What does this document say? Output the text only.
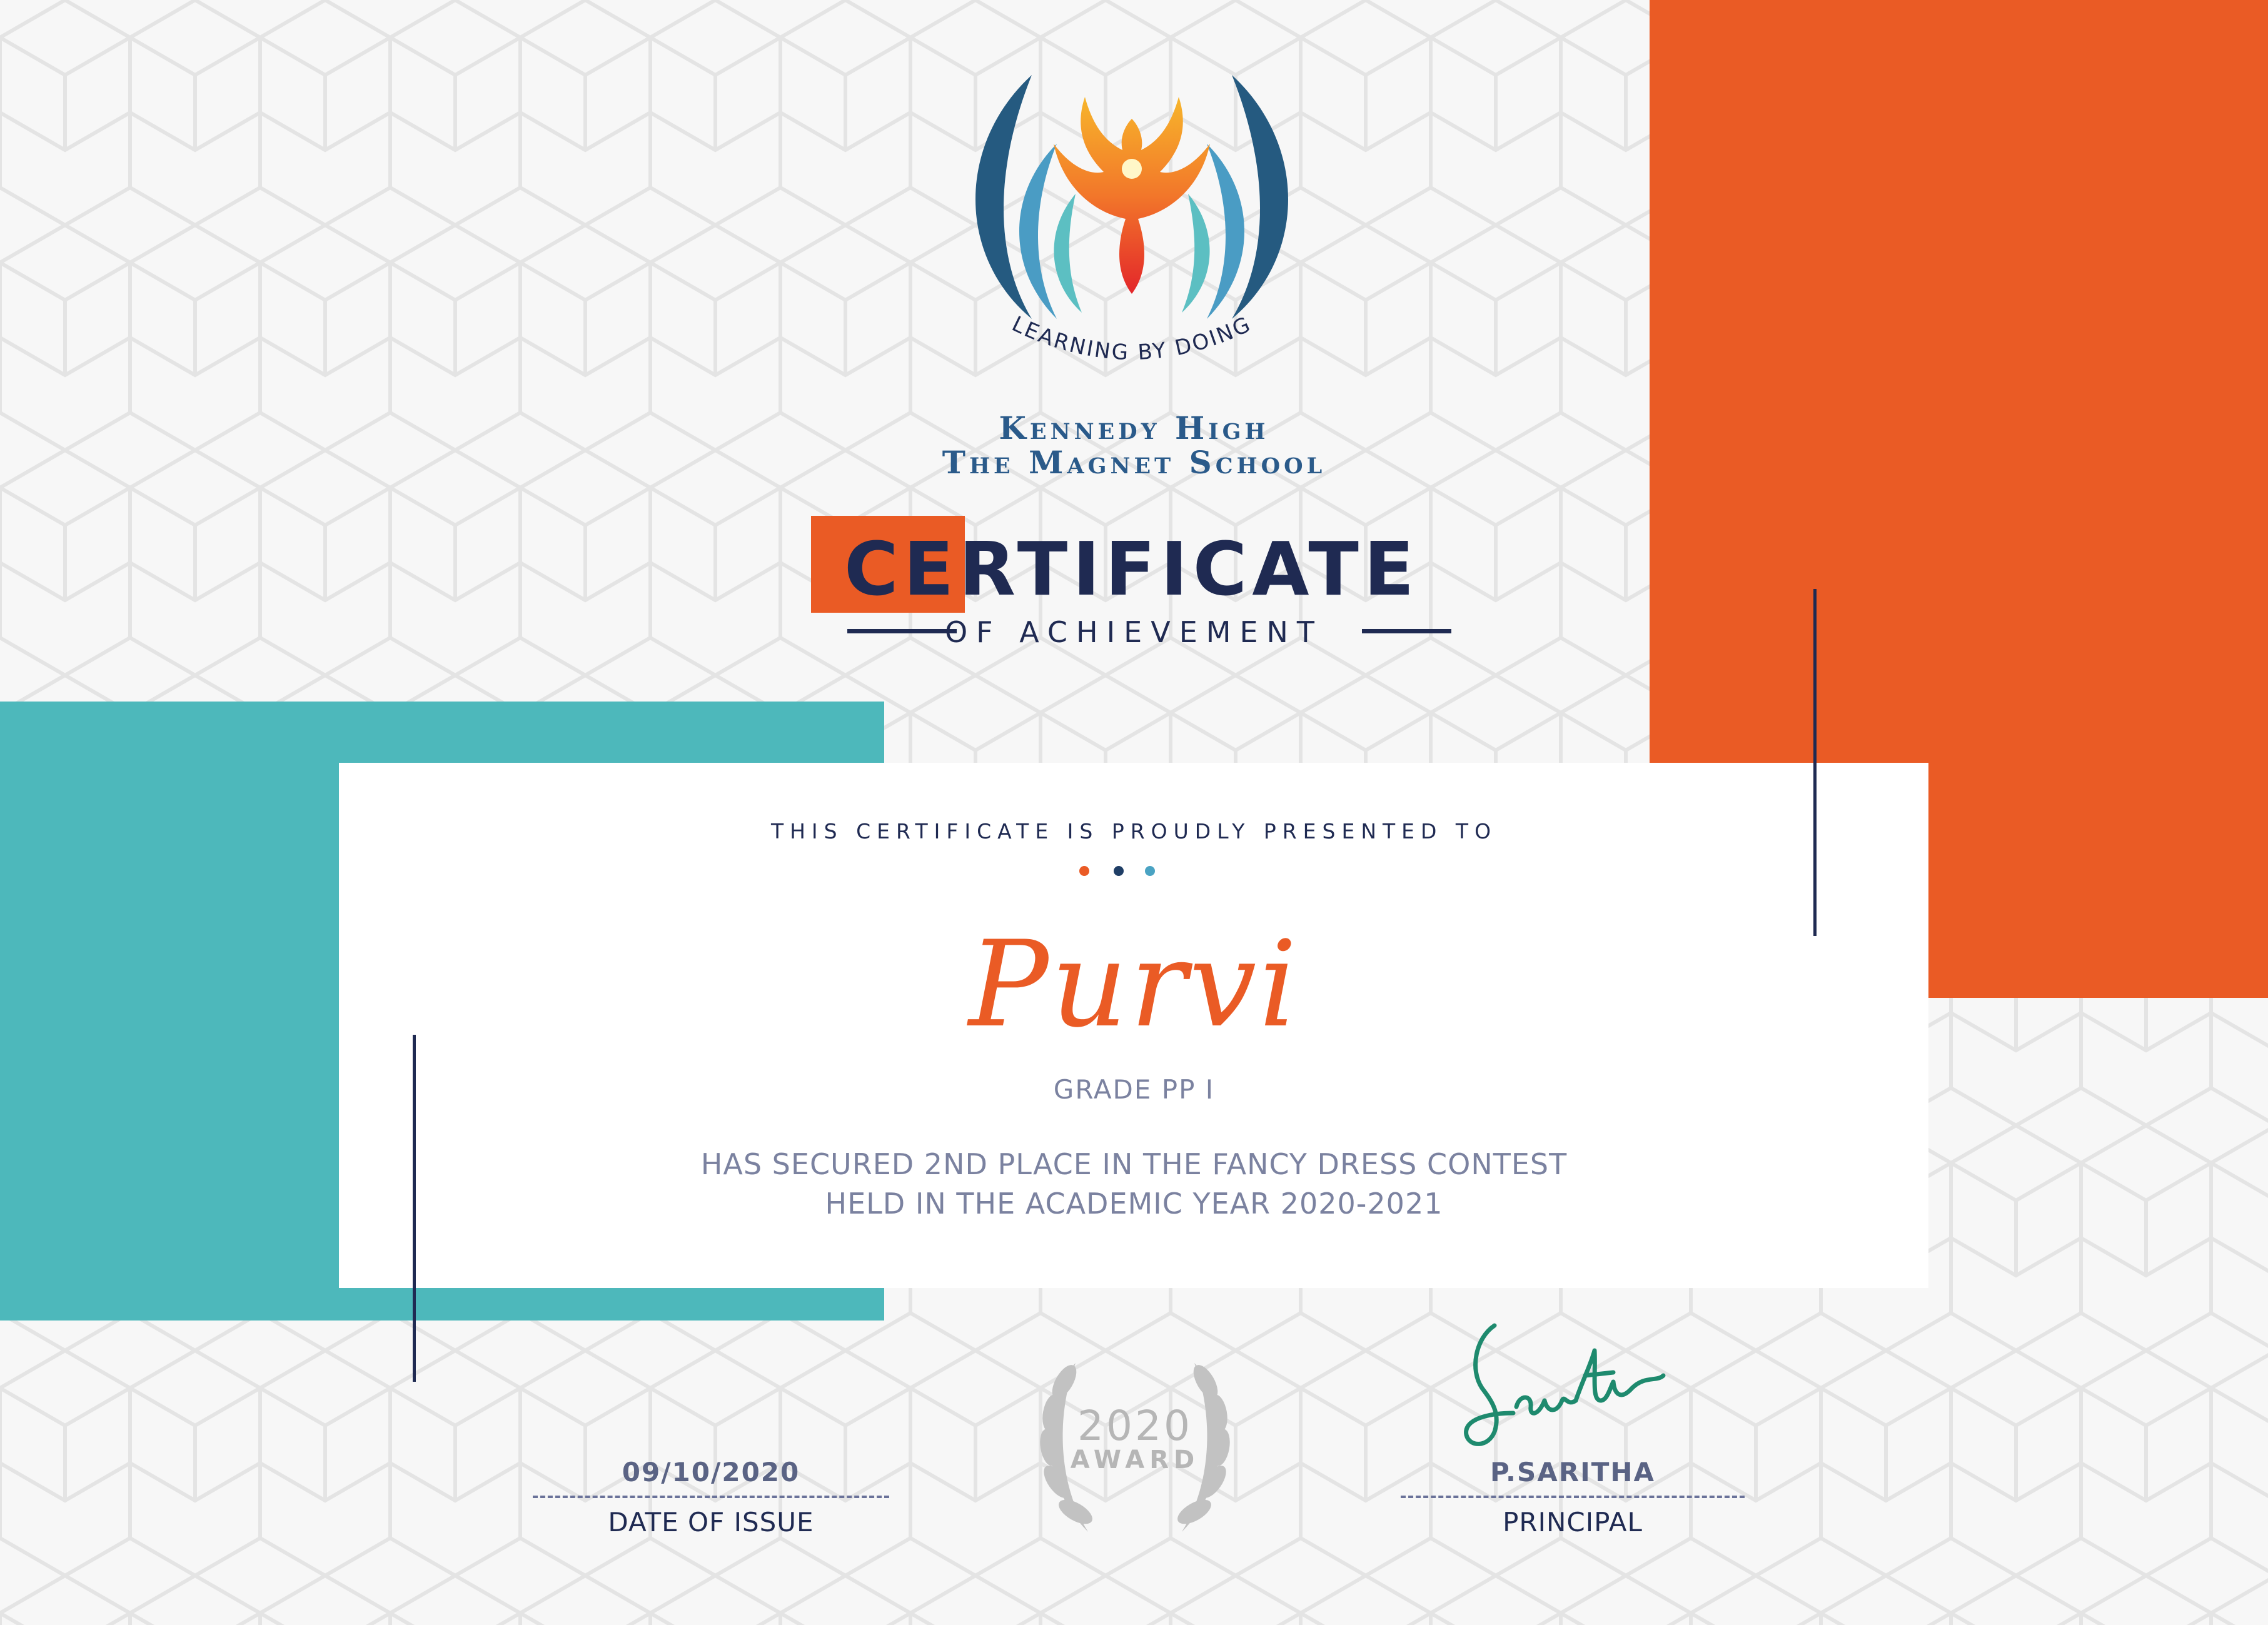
LEARNING BY DOING
Kennedy High
The Magnet School
CERTIFICATE
OF ACHIEVEMENT
THIS CERTIFICATE IS PROUDLY PRESENTED TO
Purvi
GRADE PP I
HAS SECURED 2ND PLACE IN THE FANCY DRESS CONTEST
HELD IN THE ACADEMIC YEAR 2020-2021
2020
AWARD
09/10/2020
DATE OF ISSUE
P.SARITHA
PRINCIPAL
